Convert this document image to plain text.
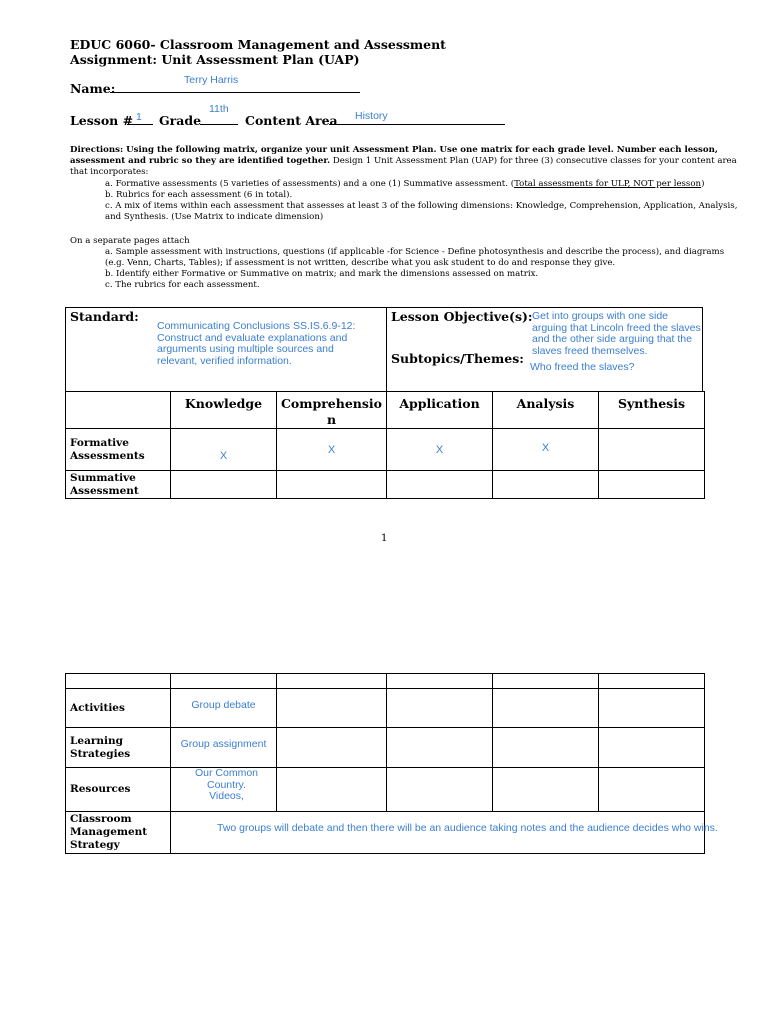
EDUC 6060- Classroom Management and Assessment
Assignment: Unit Assessment Plan (UAP)
Name:
Terry Harris
Lesson # 1 Grade
11th
Content Area History
Directions: Using the following matrix, organize your unit Assessment Plan. Use one matrix for each grade level. Number each lesson,
assessment and rubric so they are identified together. Design 1 Unit Assessment Plan (UAP) for three (3) consecutive classes for your content area
that incorporates:
a. Formative assessments (5 varieties of assessments) and a one (1) Summative assessment. (Total assessments for ULP, NOT per lesson)
b. Rubrics for each assessment (6 in total).
c. A mix of items within each assessment that assesses at least 3 of the following dimensions: Knowledge, Comprehension, Application, Analysis,
and Synthesis. (Use Matrix to indicate dimension)
On a separate pages attach
a. Sample assessment with instructions, questions (if applicable -for Science - Define photosynthesis and describe the process), and diagrams
(e.g. Venn, Charts, Tables); if assessment is not written, describe what you ask student to do and response they give.
b. Identify either Formative or Summative on matrix; and mark the dimensions assessed on matrix.
c. The rubrics for each assessment.
Standard:
Communicating Conclusions SS.IS.6.9-12: Construct and evaluate explanations and arguments using multiple sources and relevant, verified information.
Lesson Objective(s): Get into groups with one side arguing that Lincoln freed the slaves and the other side arguing that the slaves freed themselves.
Subtopics/Themes:
Who freed the slaves?
	Knowledge	Comprehensio n	Application	Analysis	Synthesis
Formative Assessments	X	X	X	X	
Summative Assessment					
1

Activities	Group debate				
Learning Strategies	Group assignment				
Resources	Our Common Country. Videos,				
Classroom Management Strategy	Two groups will debate and then there will be an audience taking notes and the audience decides who wins.				
